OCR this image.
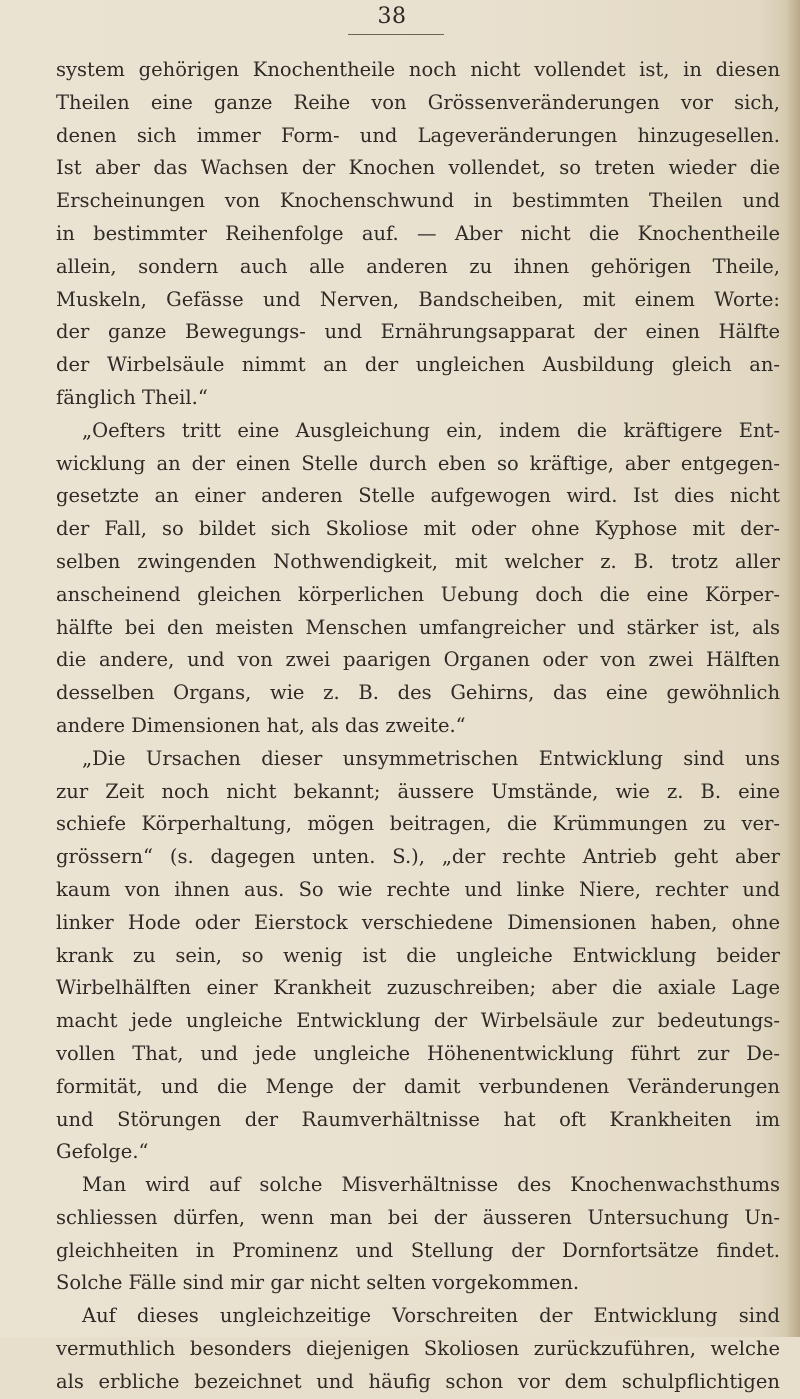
38
system gehörigen Knochentheile noch nicht vollendet ist, in diesen
Theilen eine ganze Reihe von Grössenveränderungen vor sich,
denen sich immer Form- und Lageveränderungen hinzugesellen.
Ist aber das Wachsen der Knochen vollendet, so treten wieder die
Erscheinungen von Knochenschwund in bestimmten Theilen und
in bestimmter Reihenfolge auf. — Aber nicht die Knochentheile
allein, sondern auch alle anderen zu ihnen gehörigen Theile,
Muskeln, Gefässe und Nerven, Bandscheiben, mit einem Worte:
der ganze Bewegungs- und Ernährungsapparat der einen Hälfte
der Wirbelsäule nimmt an der ungleichen Ausbildung gleich an-
fänglich Theil.“
„Oefters tritt eine Ausgleichung ein, indem die kräftigere Ent-
wicklung an der einen Stelle durch eben so kräftige, aber entgegen-
gesetzte an einer anderen Stelle aufgewogen wird. Ist dies nicht
der Fall, so bildet sich Skoliose mit oder ohne Kyphose mit der-
selben zwingenden Nothwendigkeit, mit welcher z. B. trotz aller
anscheinend gleichen körperlichen Uebung doch die eine Körper-
hälfte bei den meisten Menschen umfangreicher und stärker ist, als
die andere, und von zwei paarigen Organen oder von zwei Hälften
desselben Organs, wie z. B. des Gehirns, das eine gewöhnlich
andere Dimensionen hat, als das zweite.“
„Die Ursachen dieser unsymmetrischen Entwicklung sind uns
zur Zeit noch nicht bekannt; äussere Umstände, wie z. B. eine
schiefe Körperhaltung, mögen beitragen, die Krümmungen zu ver-
grössern“ (s. dagegen unten. S.), „der rechte Antrieb geht aber
kaum von ihnen aus. So wie rechte und linke Niere, rechter und
linker Hode oder Eierstock verschiedene Dimensionen haben, ohne
krank zu sein, so wenig ist die ungleiche Entwicklung beider
Wirbelhälften einer Krankheit zuzuschreiben; aber die axiale Lage
macht jede ungleiche Entwicklung der Wirbelsäule zur bedeutungs-
vollen That, und jede ungleiche Höhenentwicklung führt zur De-
formität, und die Menge der damit verbundenen Veränderungen
und Störungen der Raumverhältnisse hat oft Krankheiten im
Gefolge.“
Man wird auf solche Misverhältnisse des Knochenwachsthums
schliessen dürfen, wenn man bei der äusseren Untersuchung Un-
gleichheiten in Prominenz und Stellung der Dornfortsätze findet.
Solche Fälle sind mir gar nicht selten vorgekommen.
Auf dieses ungleichzeitige Vorschreiten der Entwicklung sind
vermuthlich besonders diejenigen Skoliosen zurückzuführen, welche
als erbliche bezeichnet und häufig schon vor dem schulpflichtigen
